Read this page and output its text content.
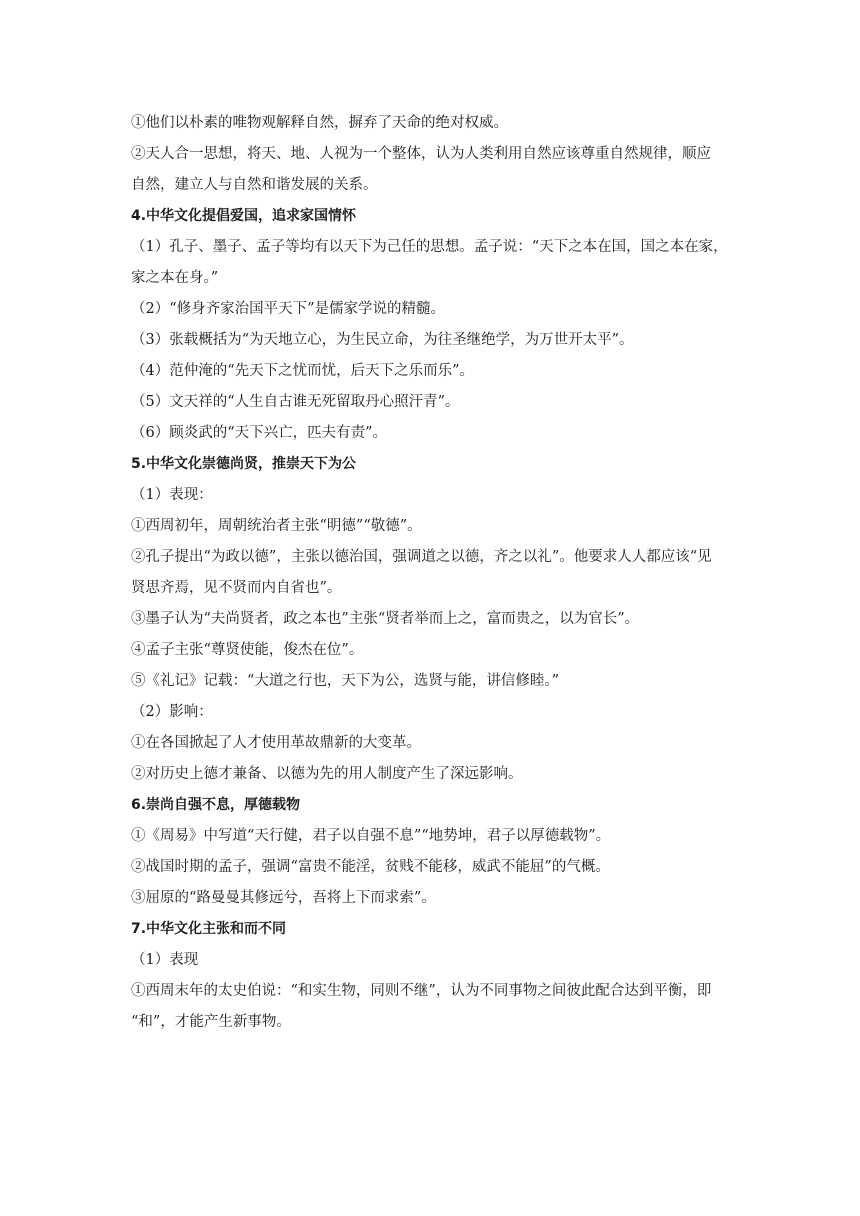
①他们以朴素的唯物观解释自然，摒弃了天命的绝对权威。
②天人合一思想，将天、地、人视为一个整体，认为人类利用自然应该尊重自然规律，顺应
自然，建立人与自然和谐发展的关系。
4.中华文化提倡爱国，追求家国情怀
（1）孔子、墨子、孟子等均有以天下为己任的思想。孟子说：“天下之本在国，国之本在家，
家之本在身。”
（2）“修身齐家治国平天下”是儒家学说的精髓。
（3）张载概括为“为天地立心，为生民立命，为往圣继绝学，为万世开太平”。
（4）范仲淹的“先天下之忧而忧，后天下之乐而乐”。
（5）文天祥的“人生自古谁无死留取丹心照汗青”。
（6）顾炎武的“天下兴亡，匹夫有责”。
5.中华文化崇德尚贤，推崇天下为公
（1）表现：
①西周初年，周朝统治者主张“明德”“敬德”。
②孔子提出“为政以德”，主张以德治国，强调道之以德，齐之以礼”。他要求人人都应该“见
贤思齐焉，见不贤而内自省也”。
③墨子认为“夫尚贤者，政之本也”主张“贤者举而上之，富而贵之，以为官长”。
④孟子主张“尊贤使能，俊杰在位”。
⑤《礼记》记载：“大道之行也，天下为公，选贤与能，讲信修睦。”
（2）影响：
①在各国掀起了人才使用革故鼎新的大变革。
②对历史上德才兼备、以德为先的用人制度产生了深远影响。
6.崇尚自强不息，厚德载物
①《周易》中写道“天行健，君子以自强不息”“地势坤，君子以厚德载物”。
②战国时期的孟子，强调“富贵不能淫，贫贱不能移，威武不能屈”的气概。
③屈原的“路曼曼其修远兮，吾将上下而求索”。
7.中华文化主张和而不同
（1）表现
①西周末年的太史伯说：“和实生物，同则不继”，认为不同事物之间彼此配合达到平衡，即
“和”，才能产生新事物。
